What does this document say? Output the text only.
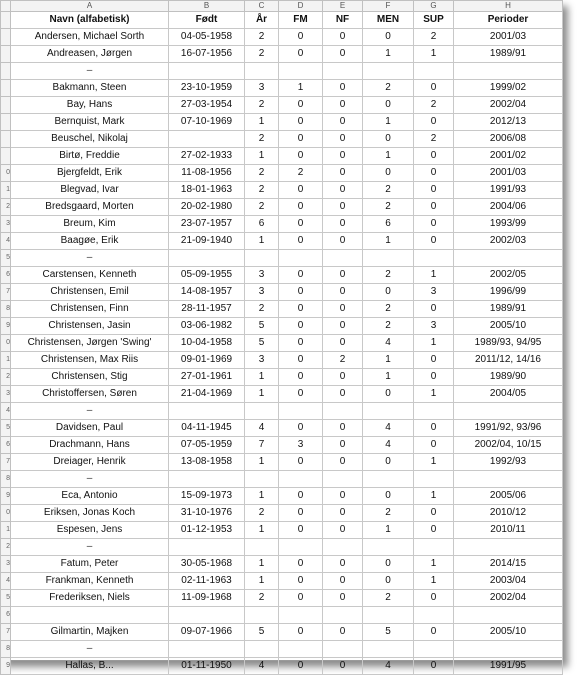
	A	B	C	D	E	F	G	H
	Navn (alfabetisk)	Født	År	FM	NF	MEN	SUP	Perioder
	Andersen, Michael Sorth	04-05-1958	2	0	0	0	2	2001/03
	Andreasen, Jørgen	16-07-1956	2	0	0	1	1	1989/91
	–							
	Bakmann, Steen	23-10-1959	3	1	0	2	0	1999/02
	Bay, Hans	27-03-1954	2	0	0	0	2	2002/04
	Bernquist, Mark	07-10-1969	1	0	0	1	0	2012/13
	Beuschel, Nikolaj		2	0	0	0	2	2006/08
	Birtø, Freddie	27-02-1933	1	0	0	1	0	2001/02
0	Bjergfeldt, Erik	11-08-1956	2	2	0	0	0	2001/03
1	Blegvad, Ivar	18-01-1963	2	0	0	2	0	1991/93
2	Bredsgaard, Morten	20-02-1980	2	0	0	2	0	2004/06
3	Breum, Kim	23-07-1957	6	0	0	6	0	1993/99
4	Baagøe, Erik	21-09-1940	1	0	0	1	0	2002/03
5	–							
6	Carstensen, Kenneth	05-09-1955	3	0	0	2	1	2002/05
7	Christensen, Emil	14-08-1957	3	0	0	0	3	1996/99
8	Christensen, Finn	28-11-1957	2	0	0	2	0	1989/91
9	Christensen, Jasin	03-06-1982	5	0	0	2	3	2005/10
0	Christensen, Jørgen 'Swing'	10-04-1958	5	0	0	4	1	1989/93, 94/95
1	Christensen, Max Riis	09-01-1969	3	0	2	1	0	2011/12, 14/16
2	Christensen, Stig	27-01-1961	1	0	0	1	0	1989/90
3	Christoffersen, Søren	21-04-1969	1	0	0	0	1	2004/05
4	–							
5	Davidsen, Paul	04-11-1945	4	0	0	4	0	1991/92, 93/96
6	Drachmann, Hans	07-05-1959	7	3	0	4	0	2002/04, 10/15
7	Dreiager, Henrik	13-08-1958	1	0	0	0	1	1992/93
8	–							
9	Eca, Antonio	15-09-1973	1	0	0	0	1	2005/06
0	Eriksen, Jonas Koch	31-10-1976	2	0	0	2	0	2010/12
1	Espesen, Jens	01-12-1953	1	0	0	1	0	2010/11
2	–							
3	Fatum, Peter	30-05-1968	1	0	0	0	1	2014/15
4	Frankman, Kenneth	02-11-1963	1	0	0	0	1	2003/04
5	Frederiksen, Niels	11-09-1968	2	0	0	2	0	2002/04
6								
7	Gilmartin, Majken	09-07-1966	5	0	0	5	0	2005/10
8	–							
9	Hallas, B...	01-11-1950	4	0	0	4	0	1991/95
